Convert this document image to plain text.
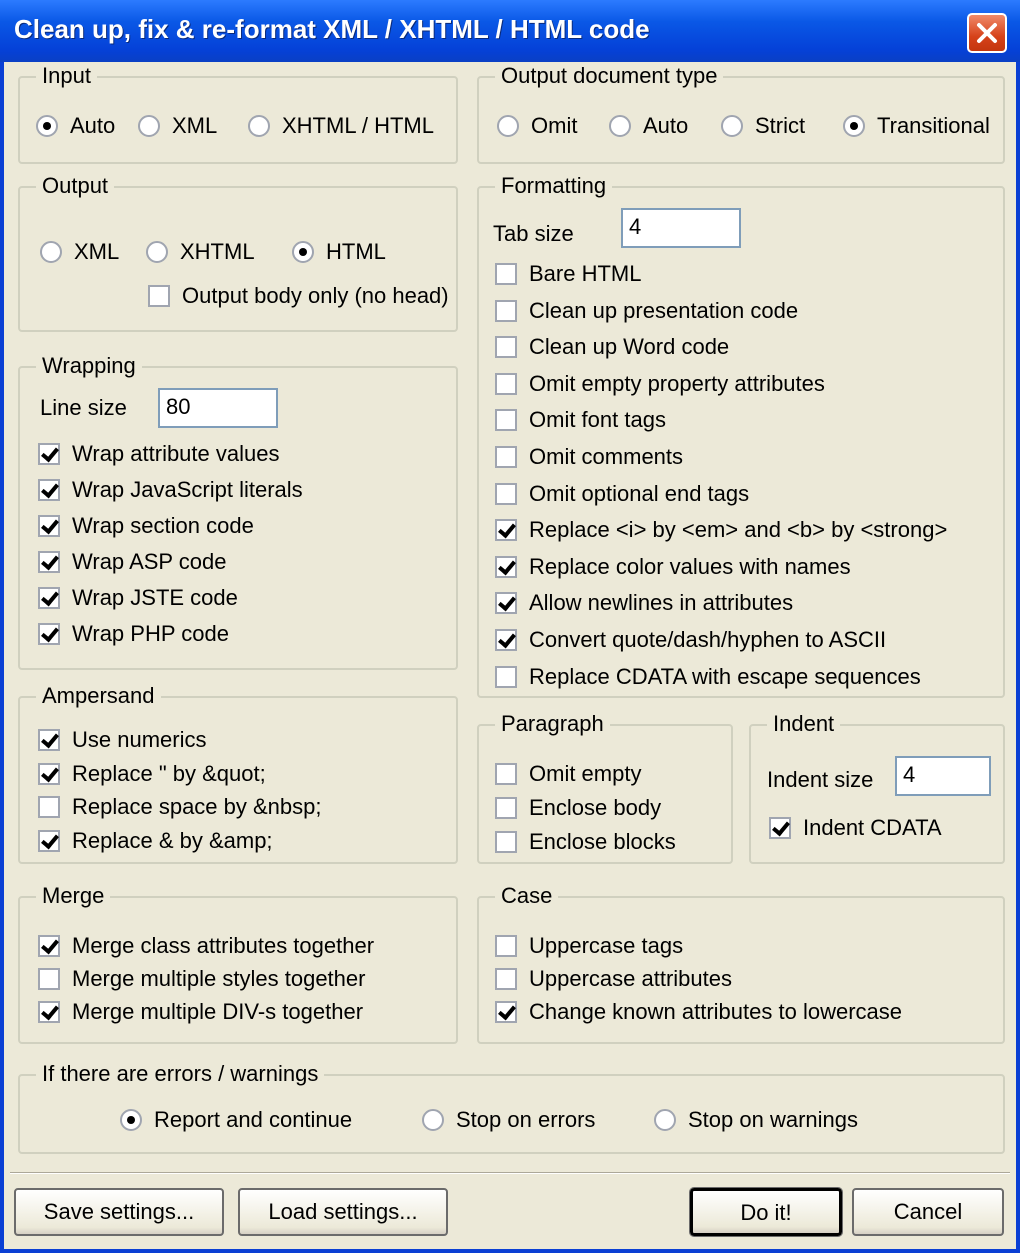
Clean up, fix & re-format XML / XHTML / HTML code
Input
Auto	XML	XHTML / HTML
Output document type
Omit	Auto	Strict	Transitional
Output
XML	XHTML	HTML
Output body only (no head)
Formatting
Tab size	4
Bare HTML
Clean up presentation code
Clean up Word code
Omit empty property attributes
Omit font tags
Omit comments
Omit optional end tags
Replace <i> by <em> and <b> by <strong>
Replace color values with names
Allow newlines in attributes
Convert quote/dash/hyphen to ASCII
Replace CDATA with escape sequences
Wrapping
Line size	80
Wrap attribute values
Wrap JavaScript literals
Wrap section code
Wrap ASP code
Wrap JSTE code
Wrap PHP code
Ampersand
Use numerics
Replace " by &quot;
Replace space by &nbsp;
Replace & by &amp;
Paragraph
Omit empty
Enclose body
Enclose blocks
Indent
Indent size	4
Indent CDATA
Merge
Merge class attributes together
Merge multiple styles together
Merge multiple DIV-s together
Case
Uppercase tags
Uppercase attributes
Change known attributes to lowercase
If there are errors / warnings
Report and continue	Stop on errors	Stop on warnings
Save settings...	Load settings...	Do it!	Cancel
